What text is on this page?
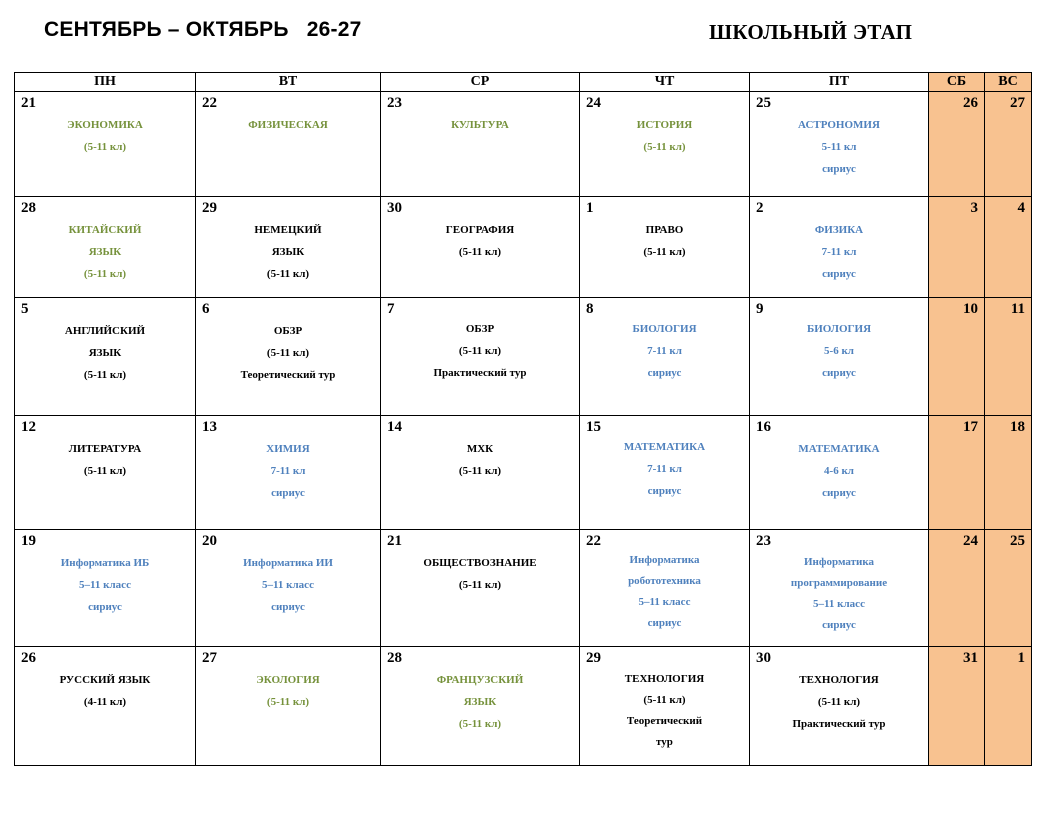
СЕНТЯБРЬ – ОКТЯБРЬ   26-27	ШКОЛЬНЫЙ ЭТАП
ПН	ВТ	СР	ЧТ	ПТ	СБ	ВС

21
ЭКОНОМИКА
(5-11 кл)	22
ФИЗИЧЕСКАЯ	23
КУЛЬТУРА	24
ИСТОРИЯ
(5-11 кл)	25
АСТРОНОМИЯ
5-11 кл
сириус	26	27

28
КИТАЙСКИЙ
ЯЗЫК
(5-11 кл)	29
НЕМЕЦКИЙ
ЯЗЫК
(5-11 кл)	30
ГЕОГРАФИЯ
(5-11 кл)	1
ПРАВО
(5-11 кл)	2
ФИЗИКА
7-11 кл
сириус	3	4

5
АНГЛИЙСКИЙ
ЯЗЫК
(5-11 кл)	6
ОБЗР
(5-11 кл)
Теоретический тур	7
ОБЗР
(5-11 кл)
Практический тур	8
БИОЛОГИЯ
7-11 кл
сириус	9
БИОЛОГИЯ
5-6 кл
сириус	10	11

12
ЛИТЕРАТУРА
(5-11 кл)	13
ХИМИЯ
7-11 кл
сириус	14
МХК
(5-11 кл)	15
МАТЕМАТИКА
7-11 кл
сириус	16
МАТЕМАТИКА
4-6 кл
сириус	17	18

19
Информатика ИБ
5–11 класс
сириус	20
Информатика ИИ
5–11 класс
сириус	21
ОБЩЕСТВОЗНАНИЕ
(5-11 кл)	22
Информатика
робототехника
5–11 класс
сириус	23
Информатика
программирование
5–11 класс
сириус	24	25

26
РУССКИЙ ЯЗЫК
(4-11 кл)	27
ЭКОЛОГИЯ
(5-11 кл)	28
ФРАНЦУЗСКИЙ
ЯЗЫК
(5-11 кл)	29
ТЕХНОЛОГИЯ
(5-11 кл)
Теоретический
тур	30
ТЕХНОЛОГИЯ
(5-11 кл)
Практический тур	31	1
